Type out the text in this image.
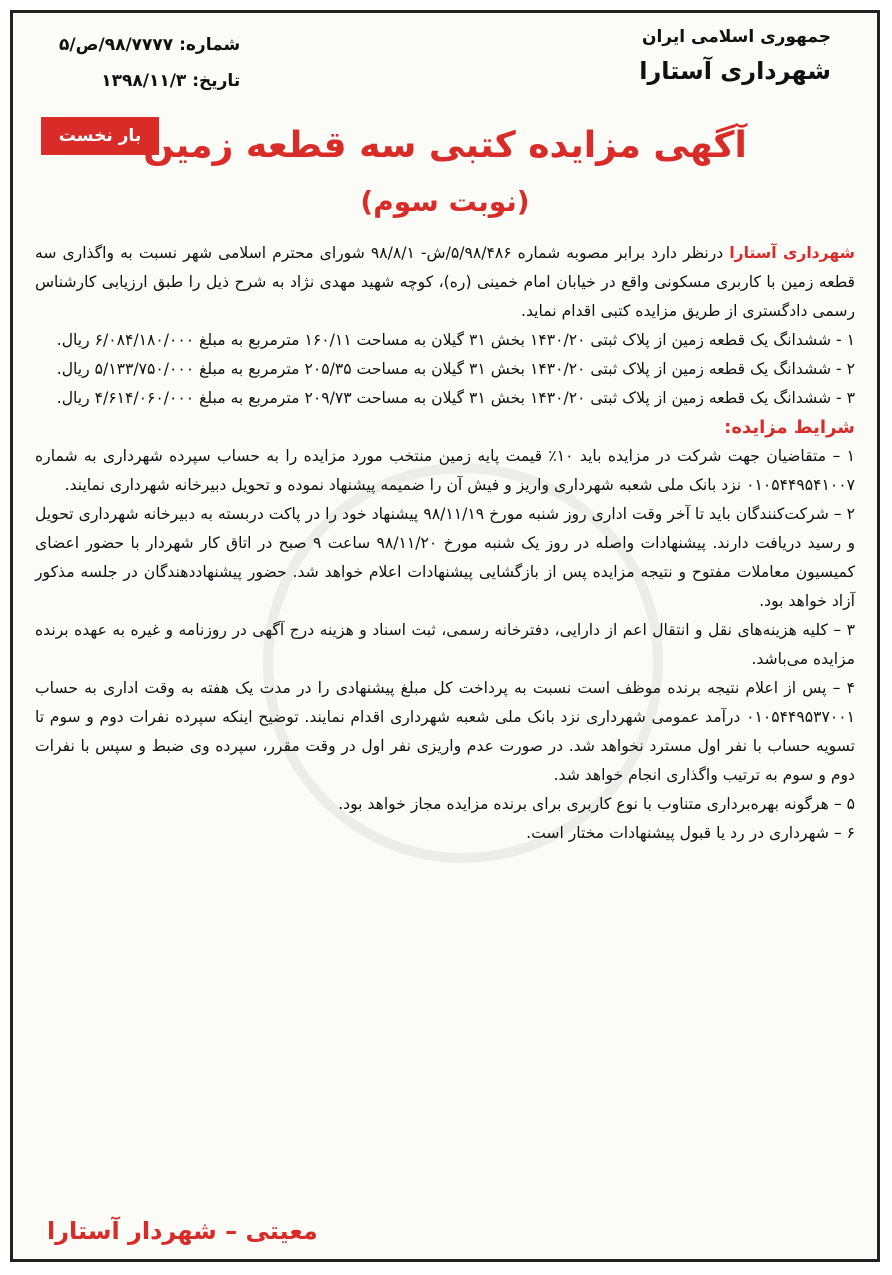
جمهوری اسلامی ایران
شهرداری آستارا
شماره: ۹۸/۷۷۷۷/ص/۵
تاریخ: ۱۳۹۸/۱۱/۳
بار نخست آگهی مزایده کتبی سه قطعه زمین
(نوبت سوم)

شهرداری آستارا درنظر دارد برابر مصوبه شماره ۵/۹۸/۴۸۶/ش- ۹۸/۸/۱ شورای محترم اسلامی شهر نسبت به واگذاری سه قطعه زمین با کاربری مسکونی واقع در خیابان امام خمینی (ره)، کوچه شهید مهدی نژاد به شرح ذیل را طبق ارزیابی کارشناس رسمی دادگستری از طریق مزایده کتبی اقدام نماید.

۱ - ششدانگ یک قطعه زمین از پلاک ثبتی ۱۴۳۰/۲۰ بخش ۳۱ گیلان به مساحت ۱۶۰/۱۱ مترمربع به مبلغ ۶/۰۸۴/۱۸۰/۰۰۰ ریال.

۲ - ششدانگ یک قطعه زمین از پلاک ثبتی ۱۴۳۰/۲۰ بخش ۳۱ گیلان به مساحت ۲۰۵/۳۵ مترمربع به مبلغ ۵/۱۳۳/۷۵۰/۰۰۰ ریال.

۳ - ششدانگ یک قطعه زمین از پلاک ثبتی ۱۴۳۰/۲۰ بخش ۳۱ گیلان به مساحت ۲۰۹/۷۳ مترمربع به مبلغ ۴/۶۱۴/۰۶۰/۰۰۰ ریال.

شرایط مزایده:

۱ – متقاضیان جهت شرکت در مزایده باید ۱۰٪ قیمت پایه زمین منتخب مورد مزایده را به حساب سپرده شهرداری به شماره ۰۱۰۵۴۴۹۵۴۱۰۰۷ نزد بانک ملی شعبه شهرداری واریز و فیش آن را ضمیمه پیشنهاد نموده و تحویل دبیرخانه شهرداری نمایند.

۲ – شرکت‌کنندگان باید تا آخر وقت اداری روز شنبه مورخ ۹۸/۱۱/۱۹ پیشنهاد خود را در پاکت دربسته به دبیرخانه شهرداری تحویل و رسید دریافت دارند. پیشنهادات واصله در روز یک شنبه مورخ ۹۸/۱۱/۲۰ ساعت ۹ صبح در اتاق کار شهردار با حضور اعضای کمیسیون معاملات مفتوح و نتیجه مزایده پس از بازگشایی پیشنهادات اعلام خواهد شد. حضور پیشنهاددهندگان در جلسه مذکور آزاد خواهد بود.

۳ – کلیه هزینه‌های نقل و انتقال اعم از دارایی، دفترخانه رسمی، ثبت اسناد و هزینه درج آگهی در روزنامه و غیره به عهده برنده مزایده می‌باشد.

۴ – پس از اعلام نتیجه برنده موظف است نسبت به پرداخت کل مبلغ پیشنهادی را در مدت یک هفته به وقت اداری به حساب ۰۱۰۵۴۴۹۵۳۷۰۰۱ درآمد عمومی شهرداری نزد بانک ملی شعبه شهرداری اقدام نمایند. توضیح اینکه سپرده نفرات دوم و سوم تا تسویه حساب با نفر اول مسترد نخواهد شد. در صورت عدم واریزی نفر اول در وقت مقرر، سپرده وی ضبط و سپس با نفرات دوم و سوم به ترتیب واگذاری انجام خواهد شد.

۵ – هرگونه بهره‌برداری متناوب با نوع کاربری برای برنده مزایده مجاز خواهد بود.

۶ – شهرداری در رد یا قبول پیشنهادات مختار است.

معیتی – شهردار آستارا
